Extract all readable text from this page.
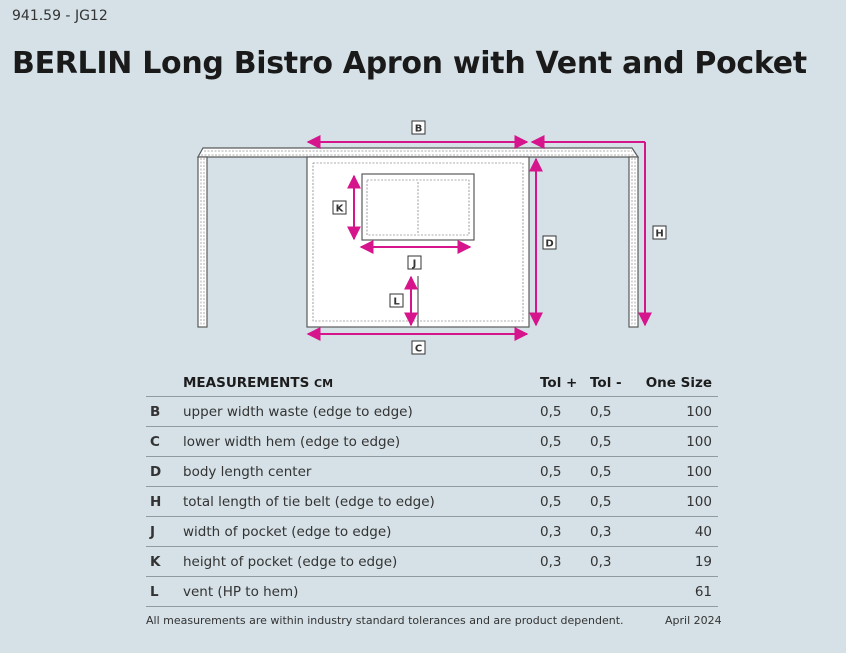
941.59 - JG12
BERLIN Long Bistro Apron with Vent and Pocket
B
C
D
H
J
K
L
	MEASUREMENTS CM	Tol +	Tol -	One Size
B	upper width waste (edge to edge)	0,5	0,5	100
C	lower width hem (edge to edge)	0,5	0,5	100
D	body length center	0,5	0,5	100
H	total length of tie belt (edge to edge)	0,5	0,5	100
J	width of pocket (edge to edge)	0,3	0,3	40
K	height of pocket (edge to edge)	0,3	0,3	19
L	vent (HP to hem)			61
All measurements are within industry standard tolerances and are product dependent.	April 2024
